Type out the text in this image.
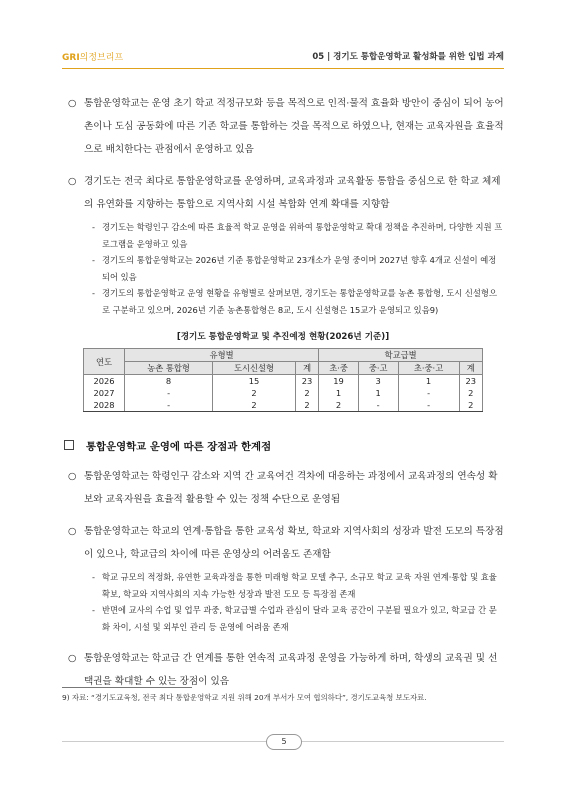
GRI의정브리프	05 | 경기도 통합운영학교 활성화를 위한 입법 과제
○ 통합운영학교는 운영 초기 학교 적정규모화 등을 목적으로 인적·물적 효율화 방안이 중심이 되어 농어촌이나 도심 공동화에 따른 기존 학교를 통합하는 것을 목적으로 하였으나, 현재는 교육자원을 효율적으로 배치한다는 관점에서 운영하고 있음
○ 경기도는 전국 최다로 통합운영학교를 운영하며, 교육과정과 교육활동 통합을 중심으로 한 학교 체제의 유연화를 지향하는 통합으로 지역사회 시설 복합화 연계 확대를 지향함
- 경기도는 학령인구 감소에 따른 효율적 학교 운영을 위하여 통합운영학교 확대 정책을 추진하며, 다양한 지원 프로그램을 운영하고 있음
- 경기도의 통합운영학교는 2026년 기준 통합운영학교 23개소가 운영 중이며 2027년 향후 4개교 신설이 예정되어 있음
- 경기도의 통합운영학교 운영 현황을 유형별로 살펴보면, 경기도는 통합운영학교를 농촌 통합형, 도시 신설형으로 구분하고 있으며, 2026년 기준 농촌통합형은 8교, 도시 신설형은 15교가 운영되고 있음9)
[경기도 통합운영학교 및 추진예정 현황(2026년 기준)]
연도	유형별			학교급별			
	농촌 통합형	도시신설형	계	초·중	중·고	초·중·고	계
2026	8	15	23	19	3	1	23
2027	-	2	2	1	1	-	2
2028	-	2	2	2	-	-	2
통합운영학교 운영에 따른 장점과 한계점
○ 통합운영학교는 학령인구 감소와 지역 간 교육여건 격차에 대응하는 과정에서 교육과정의 연속성 확보와 교육자원을 효율적 활용할 수 있는 정책 수단으로 운영됨
○ 통합운영학교는 학교의 연계·통합을 통한 교육성 확보, 학교와 지역사회의 성장과 발전 도모의 특장점이 있으나, 학교급의 차이에 따른 운영상의 어려움도 존재함
- 학교 규모의 적정화, 유연한 교육과정을 통한 미래형 학교 모델 추구, 소규모 학교 교육 자원 연계·통합 및 효율 확보, 학교와 지역사회의 지속 가능한 성장과 발전 도모 등 특장점 존재
- 반면에 교사의 수업 및 업무 과중, 학교급별 수업과 관심이 달라 교육 공간이 구분될 필요가 있고, 학교급 간 문화 차이, 시설 및 외부인 관리 등 운영에 어려움 존재
○ 통합운영학교는 학교급 간 연계를 통한 연속적 교육과정 운영을 가능하게 하며, 학생의 교육권 및 선택권을 확대할 수 있는 장점이 있음
9) 자료: “경기도교육청, 전국 최다 통합운영학교 지원 위해 20개 부서가 모여 협의하다”, 경기도교육청 보도자료.
5
